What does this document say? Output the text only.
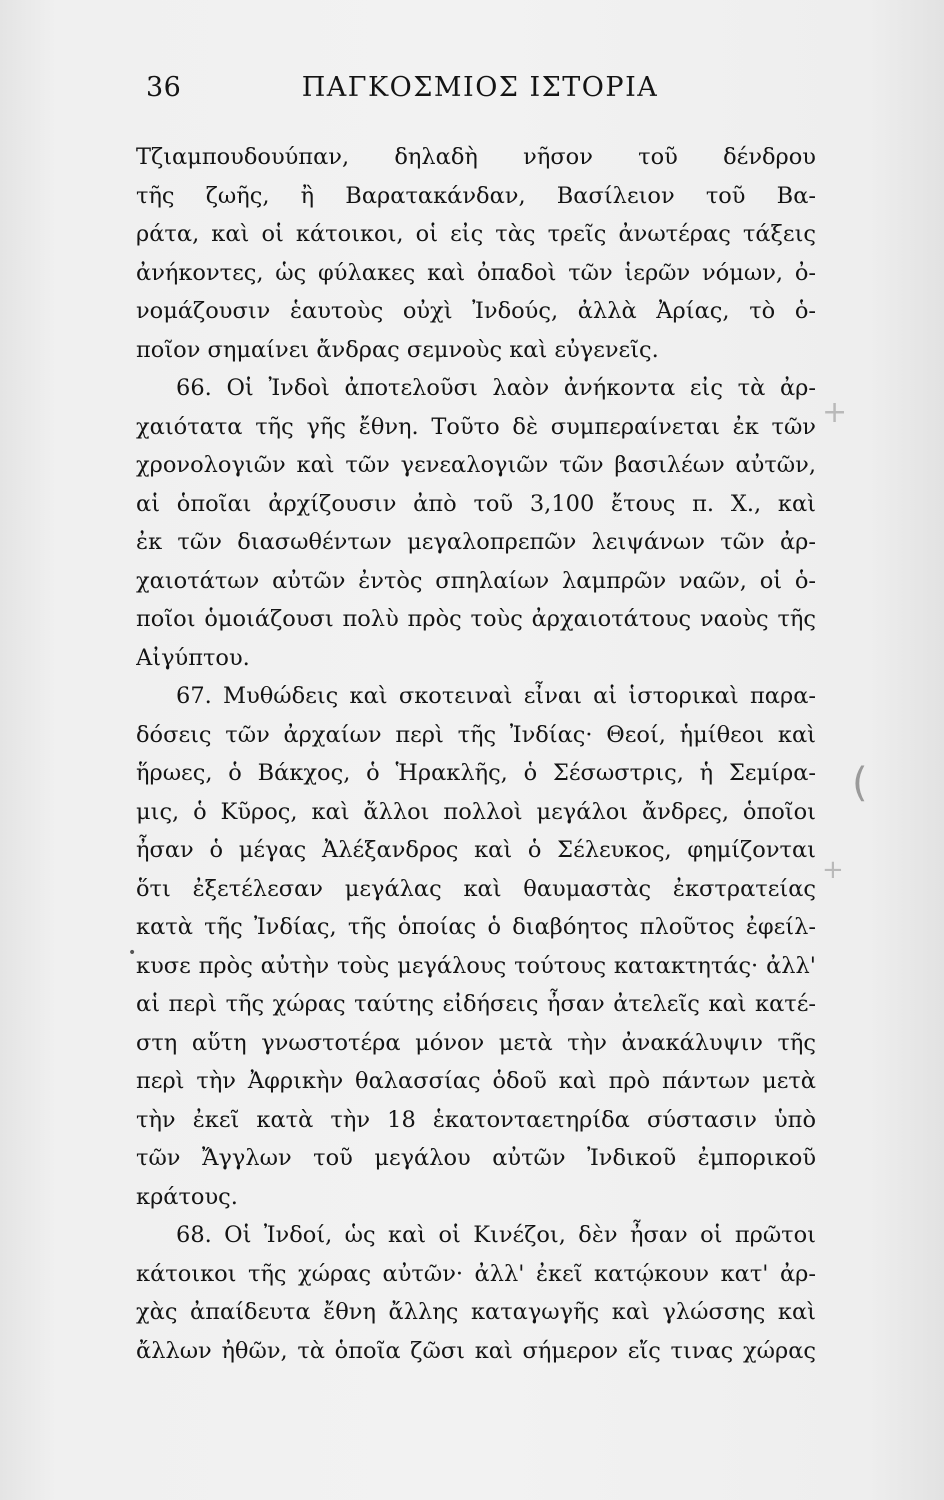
36	ΠΑΓΚΟΣΜΙΟΣ ΙΣΤΟΡΙΑ
Τζιαμπουδουύπαν, δηλαδὴ νῆσον τοῦ δένδρου
τῆς ζωῆς, ἢ Βαρατακάνδαν, Βασίλειον τοῦ Βα-
ράτα, καὶ οἱ κάτοικοι, οἱ εἰς τὰς τρεῖς ἀνωτέρας τάξεις
ἀνήκοντες, ὡς φύλακες καὶ ὀπαδοὶ τῶν ἱερῶν νόμων, ὀ-
νομάζουσιν ἑαυτοὺς οὐχὶ Ἰνδούς, ἀλλὰ Ἀρίας, τὸ ὁ-
ποῖον σημαίνει ἄνδρας σεμνοὺς καὶ εὐγενεῖς.
66. Οἱ Ἰνδοὶ ἀποτελοῦσι λαὸν ἀνήκοντα εἰς τὰ ἀρ-
χαιότατα τῆς γῆς ἔθνη. Τοῦτο δὲ συμπεραίνεται ἐκ τῶν
χρονολογιῶν καὶ τῶν γενεαλογιῶν τῶν βασιλέων αὐτῶν,
αἱ ὁποῖαι ἀρχίζουσιν ἀπὸ τοῦ 3,100 ἔτους π. Χ., καὶ
ἐκ τῶν διασωθέντων μεγαλοπρεπῶν λειψάνων τῶν ἀρ-
χαιοτάτων αὐτῶν ἐντὸς σπηλαίων λαμπρῶν ναῶν, οἱ ὁ-
ποῖοι ὁμοιάζουσι πολὺ πρὸς τοὺς ἀρχαιοτάτους ναοὺς τῆς
Αἰγύπτου.
67. Μυθώδεις καὶ σκοτειναὶ εἶναι αἱ ἱστορικαὶ παρα-
δόσεις τῶν ἀρχαίων περὶ τῆς Ἰνδίας· Θεοί, ἡμίθεοι καὶ
ἥρωες, ὁ Βάκχος, ὁ Ἡρακλῆς, ὁ Σέσωστρις, ἡ Σεμίρα-
μις, ὁ Κῦρος, καὶ ἄλλοι πολλοὶ μεγάλοι ἄνδρες, ὁποῖοι
ἦσαν ὁ μέγας Ἀλέξανδρος καὶ ὁ Σέλευκος, φημίζονται
ὅτι ἐξετέλεσαν μεγάλας καὶ θαυμαστὰς ἐκστρατείας
κατὰ τῆς Ἰνδίας, τῆς ὁποίας ὁ διαβόητος πλοῦτος ἐφείλ-
κυσε πρὸς αὐτὴν τοὺς μεγάλους τούτους κατακτητάς· ἀλλ'
αἱ περὶ τῆς χώρας ταύτης εἰδήσεις ἦσαν ἀτελεῖς καὶ κατέ-
στη αὕτη γνωστοτέρα μόνον μετὰ τὴν ἀνακάλυψιν τῆς
περὶ τὴν Ἀφρικὴν θαλασσίας ὁδοῦ καὶ πρὸ πάντων μετὰ
τὴν ἐκεῖ κατὰ τὴν 18 ἑκατονταετηρίδα σύστασιν ὑπὸ
τῶν Ἄγγλων τοῦ μεγάλου αὐτῶν Ἰνδικοῦ ἐμπορικοῦ
κράτους.
68. Οἱ Ἰνδοί, ὡς καὶ οἱ Κινέζοι, δὲν ἦσαν οἱ πρῶτοι
κάτοικοι τῆς χώρας αὐτῶν· ἀλλ' ἐκεῖ κατῴκουν κατ' ἀρ-
χὰς ἀπαίδευτα ἔθνη ἄλλης καταγωγῆς καὶ γλώσσης καὶ
ἄλλων ἠθῶν, τὰ ὁποῖα ζῶσι καὶ σήμερον εἴς τινας χώρας
+
+
(
•
